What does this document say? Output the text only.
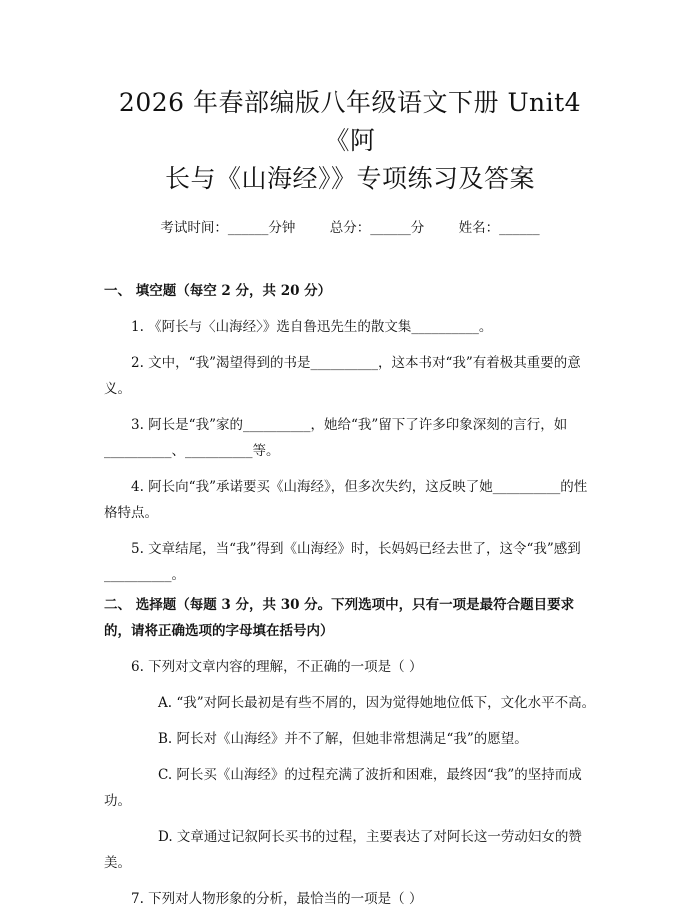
2026 年春部编版八年级语文下册 Unit4《阿
长与《山海经》》专项练习及答案
考试时间：______分钟	总分：______分	姓名：______

一、 填空题（每空 2 分，共 20 分）

1. 《阿长与〈山海经〉》选自鲁迅先生的散文集__________。

2. 文中，“我”渴望得到的书是__________，这本书对“我”有着极其重要的意义。

3. 阿长是“我”家的__________，她给“我”留下了许多印象深刻的言行，如__________、__________等。

4. 阿长向“我”承诺要买《山海经》，但多次失约，这反映了她__________的性格特点。

5. 文章结尾，当“我”得到《山海经》时，长妈妈已经去世了，这令“我”感到__________。

二、 选择题（每题 3 分，共 30 分。下列选项中，只有一项是最符合题目要求的，请将正确选项的字母填在括号内）

6. 下列对文章内容的理解，不正确的一项是（ ）

A. “我”对阿长最初是有些不屑的，因为觉得她地位低下，文化水平不高。

B. 阿长对《山海经》并不了解，但她非常想满足“我”的愿望。

C. 阿长买《山海经》的过程充满了波折和困难，最终因“我”的坚持而成功。

D. 文章通过记叙阿长买书的过程，主要表达了对阿长这一劳动妇女的赞美。

7. 下列对人物形象的分析，最恰当的一项是（ ）
